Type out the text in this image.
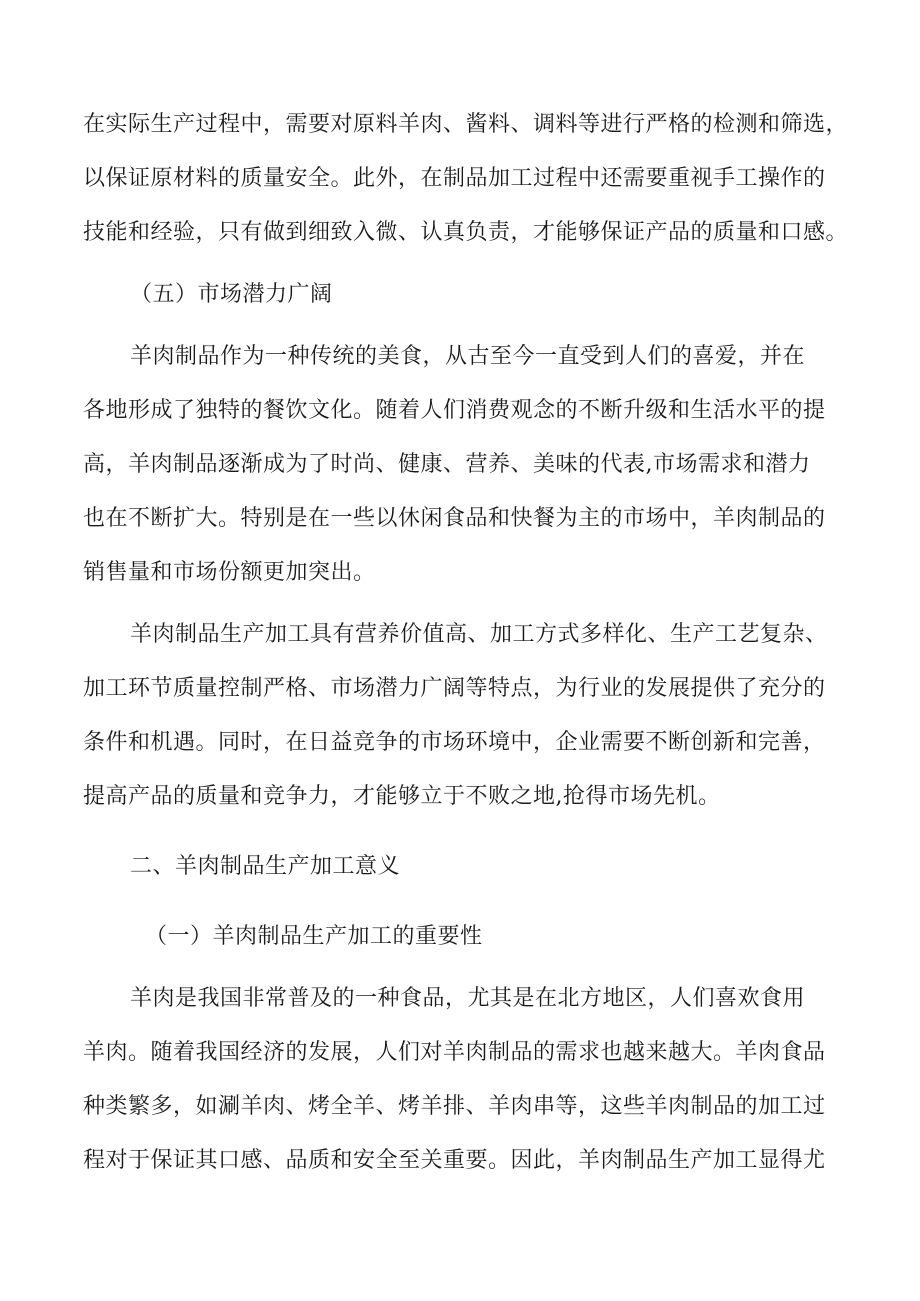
在实际生产过程中，需要对原料羊肉、酱料、调料等进行严格的检测和筛选，
以保证原材料的质量安全。此外，在制品加工过程中还需要重视手工操作的
技能和经验，只有做到细致入微、认真负责，才能够保证产品的质量和口感。
（五）市场潜力广阔
羊肉制品作为一种传统的美食，从古至今一直受到人们的喜爱，并在
各地形成了独特的餐饮文化。随着人们消费观念的不断升级和生活水平的提
高，羊肉制品逐渐成为了时尚、健康、营养、美味的代表,市场需求和潜力
也在不断扩大。特别是在一些以休闲食品和快餐为主的市场中，羊肉制品的
销售量和市场份额更加突出。
羊肉制品生产加工具有营养价值高、加工方式多样化、生产工艺复杂、
加工环节质量控制严格、市场潜力广阔等特点，为行业的发展提供了充分的
条件和机遇。同时，在日益竞争的市场环境中，企业需要不断创新和完善，
提高产品的质量和竞争力，才能够立于不败之地,抢得市场先机。
二、羊肉制品生产加工意义
（一）羊肉制品生产加工的重要性
羊肉是我国非常普及的一种食品，尤其是在北方地区，人们喜欢食用
羊肉。随着我国经济的发展，人们对羊肉制品的需求也越来越大。羊肉食品
种类繁多，如涮羊肉、烤全羊、烤羊排、羊肉串等，这些羊肉制品的加工过
程对于保证其口感、品质和安全至关重要。因此，羊肉制品生产加工显得尤
